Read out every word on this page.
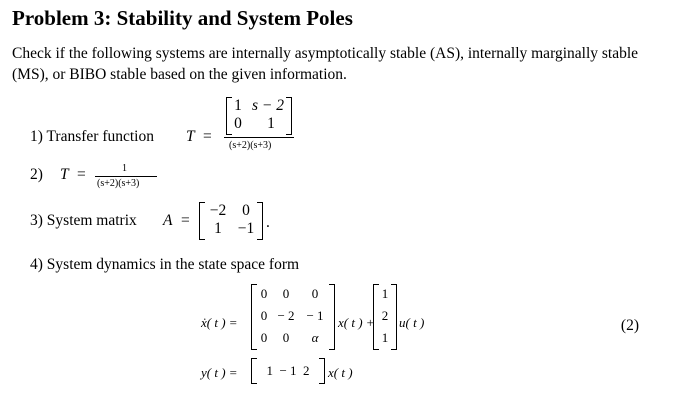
Problem 3: Stability and System Poles
Check if the following systems are internally asymptotically stable (AS), internally marginally stable (MS), or BIBO stable based on the given information.
1) Transfer function T =
1 s − 2
0	1
(s+2)(s+3)
2) T =	1
(s+2)(s+3)
3) System matrix A =
−2	0
1	−1 .
4) System dynamics in the state space form
ẋ( t ) =
0	0	0
0 − 2 − 1
0	0	α
x( t ) +
1
2
1
u( t )	(2)
y( t ) =	1  − 1  2	x( t )
